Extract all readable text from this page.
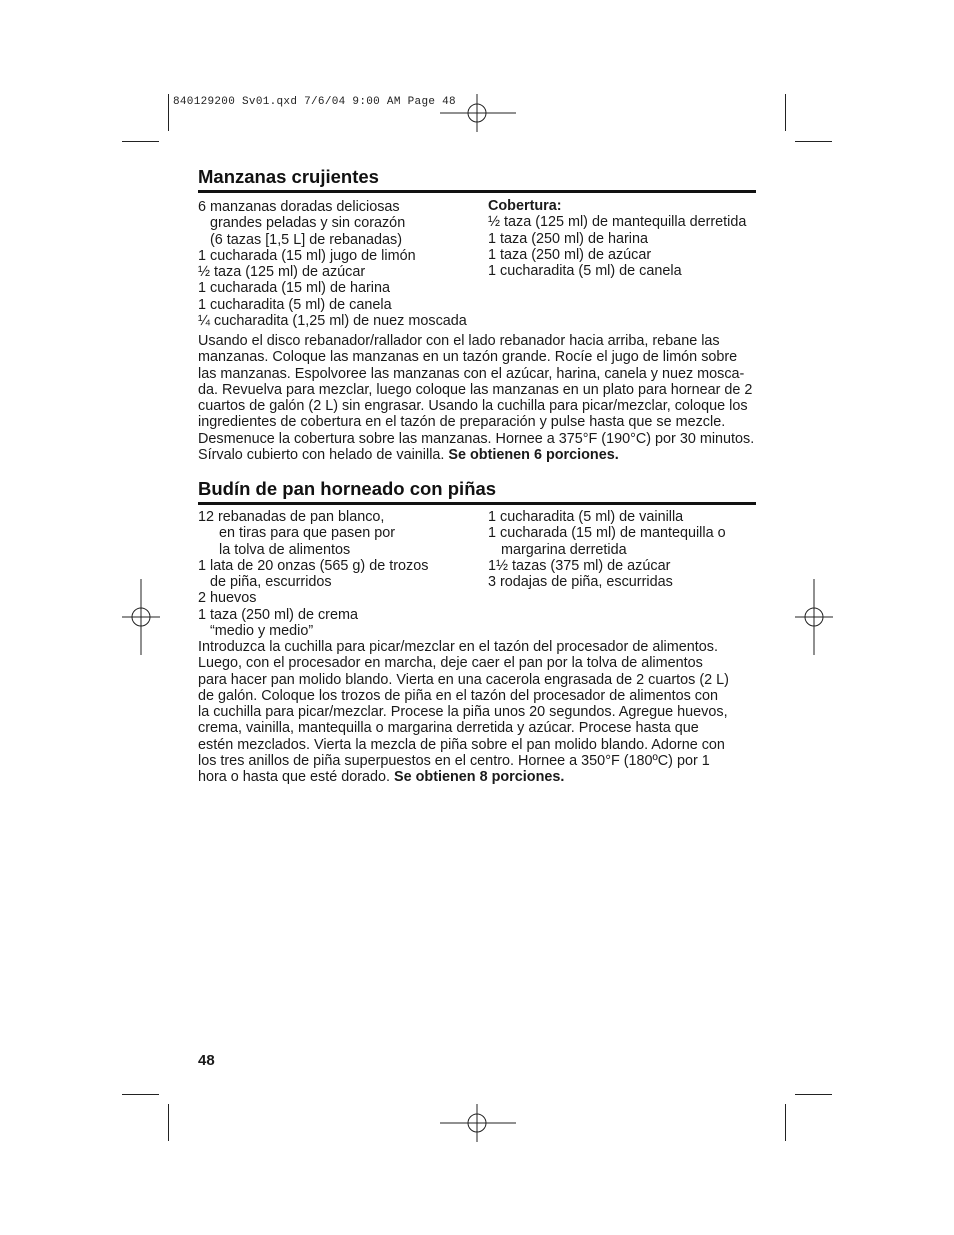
840129200 Sv01.qxd 7/6/04 9:00 AM Page 48
Manzanas crujientes
6 manzanas doradas deliciosas
grandes peladas y sin corazón
(6 tazas [1,5 L] de rebanadas)
1 cucharada (15 ml) jugo de limón
½ taza (125 ml) de azúcar
1 cucharada (15 ml) de harina
1 cucharadita (5 ml) de canela
¼ cucharadita (1,25 ml) de nuez moscada
Cobertura:
½ taza (125 ml) de mantequilla derretida
1 taza (250 ml) de harina
1 taza (250 ml) de azúcar
1 cucharadita (5 ml) de canela
Usando el disco rebanador/rallador con el lado rebanador hacia arriba, rebane las
manzanas. Coloque las manzanas en un tazón grande. Rocíe el jugo de limón sobre
las manzanas. Espolvoree las manzanas con el azúcar, harina, canela y nuez mosca-
da. Revuelva para mezclar, luego coloque las manzanas en un plato para hornear de 2
cuartos de galón (2 L) sin engrasar. Usando la cuchilla para picar/mezclar, coloque los
ingredientes de cobertura en el tazón de preparación y pulse hasta que se mezcle.
Desmenuce la cobertura sobre las manzanas. Hornee a 375°F (190°C) por 30 minutos.
Sírvalo cubierto con helado de vainilla. Se obtienen 6 porciones.
Budín de pan horneado con piñas
12 rebanadas de pan blanco,
en tiras para que pasen por
la tolva de alimentos
1 lata de 20 onzas (565 g) de trozos
de piña, escurridos
2 huevos
1 taza (250 ml) de crema
“medio y medio”
1 cucharadita (5 ml) de vainilla
1 cucharada (15 ml) de mantequilla o
margarina derretida
1½ tazas (375 ml) de azúcar
3 rodajas de piña, escurridas
Introduzca la cuchilla para picar/mezclar en el tazón del procesador de alimentos.
Luego, con el procesador en marcha, deje caer el pan por la tolva de alimentos
para hacer pan molido blando. Vierta en una cacerola engrasada de 2 cuartos (2 L)
de galón. Coloque los trozos de piña en el tazón del procesador de alimentos con
la cuchilla para picar/mezclar. Procese la piña unos 20 segundos. Agregue huevos,
crema, vainilla, mantequilla o margarina derretida y azúcar. Procese hasta que
estén mezclados. Vierta la mezcla de piña sobre el pan molido blando. Adorne con
los tres anillos de piña superpuestos en el centro. Hornee a 350°F (180ºC) por 1
hora o hasta que esté dorado. Se obtienen 8 porciones.
48
